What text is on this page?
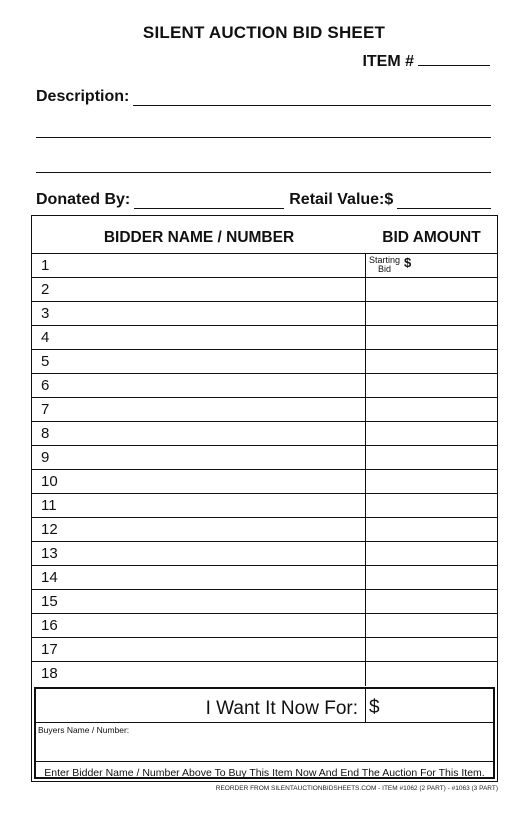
SILENT AUCTION BID SHEET
ITEM #
Description:
Donated By:	Retail Value:$
BIDDER NAME / NUMBER	BID AMOUNT
1	Starting
Bid $
2
3
4
5
6
7
8
9
10
11
12
13
14
15
16
17
18
I Want It Now For: $
Buyers Name / Number:
Enter Bidder Name / Number Above To Buy This Item Now And End The Auction For This Item.
REORDER FROM SILENTAUCTIONBIDSHEETS.COM - ITEM #1062 (2 PART) - #1063 (3 PART)
